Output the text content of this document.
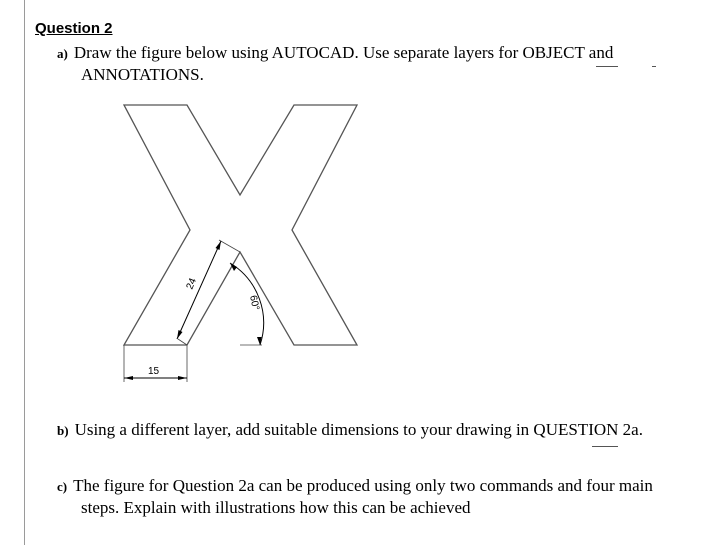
Question 2
a) Draw the figure below using AUTOCAD. Use separate layers for OBJECT and
ANNOTATIONS.
15
24
60°
b) Using a different layer, add suitable dimensions to your drawing in QUESTION 2a.
c) The figure for Question 2a can be produced using only two commands and four main
steps. Explain with illustrations how this can be achieved
